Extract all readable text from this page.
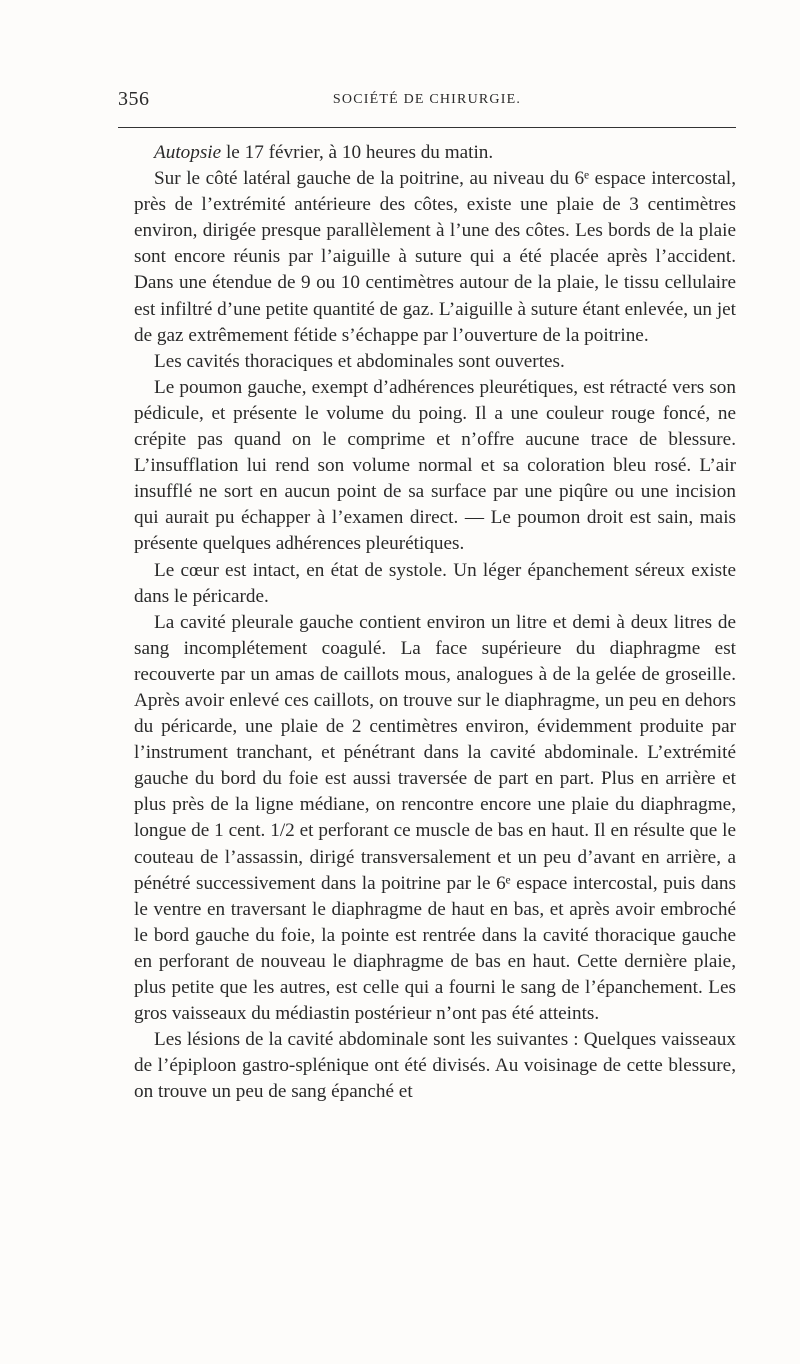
356	SOCIÉTÉ DE CHIRURGIE.

Autopsie le 17 février, à 10 heures du matin.

Sur le côté latéral gauche de la poitrine, au niveau du 6ᵉ espace intercostal, près de l’extrémité antérieure des côtes, existe une plaie de 3 centimètres environ, dirigée presque parallèlement à l’une des côtes. Les bords de la plaie sont encore réunis par l’aiguille à suture qui a été placée après l’accident. Dans une étendue de 9 ou 10 centimètres autour de la plaie, le tissu cellulaire est infiltré d’une petite quantité de gaz. L’aiguille à suture étant enlevée, un jet de gaz extrêmement fétide s’échappe par l’ouverture de la poitrine.

Les cavités thoraciques et abdominales sont ouvertes.

Le poumon gauche, exempt d’adhérences pleurétiques, est rétracté vers son pédicule, et présente le volume du poing. Il a une couleur rouge foncé, ne crépite pas quand on le comprime et n’offre aucune trace de blessure. L’insufflation lui rend son volume normal et sa coloration bleu rosé. L’air insufflé ne sort en aucun point de sa surface par une piqûre ou une incision qui aurait pu échapper à l’examen direct. — Le poumon droit est sain, mais présente quelques adhérences pleurétiques.

Le cœur est intact, en état de systole. Un léger épanchement séreux existe dans le péricarde.

La cavité pleurale gauche contient environ un litre et demi à deux litres de sang incomplétement coagulé. La face supérieure du diaphragme est recouverte par un amas de caillots mous, analogues à de la gelée de groseille. Après avoir enlevé ces caillots, on trouve sur le diaphragme, un peu en dehors du péricarde, une plaie de 2 centimètres environ, évidemment produite par l’instrument tranchant, et pénétrant dans la cavité abdominale. L’extrémité gauche du bord du foie est aussi traversée de part en part. Plus en arrière et plus près de la ligne médiane, on rencontre encore une plaie du diaphragme, longue de 1 cent. 1/2 et perforant ce muscle de bas en haut. Il en résulte que le couteau de l’assassin, dirigé transversalement et un peu d’avant en arrière, a pénétré successivement dans la poitrine par le 6ᵉ espace intercostal, puis dans le ventre en traversant le diaphragme de haut en bas, et après avoir embroché le bord gauche du foie, la pointe est rentrée dans la cavité thoracique gauche en perforant de nouveau le diaphragme de bas en haut. Cette dernière plaie, plus petite que les autres, est celle qui a fourni le sang de l’épanchement. Les gros vaisseaux du médiastin postérieur n’ont pas été atteints.

Les lésions de la cavité abdominale sont les suivantes : Quelques vaisseaux de l’épiploon gastro-splénique ont été divisés. Au voisinage de cette blessure, on trouve un peu de sang épanché et
